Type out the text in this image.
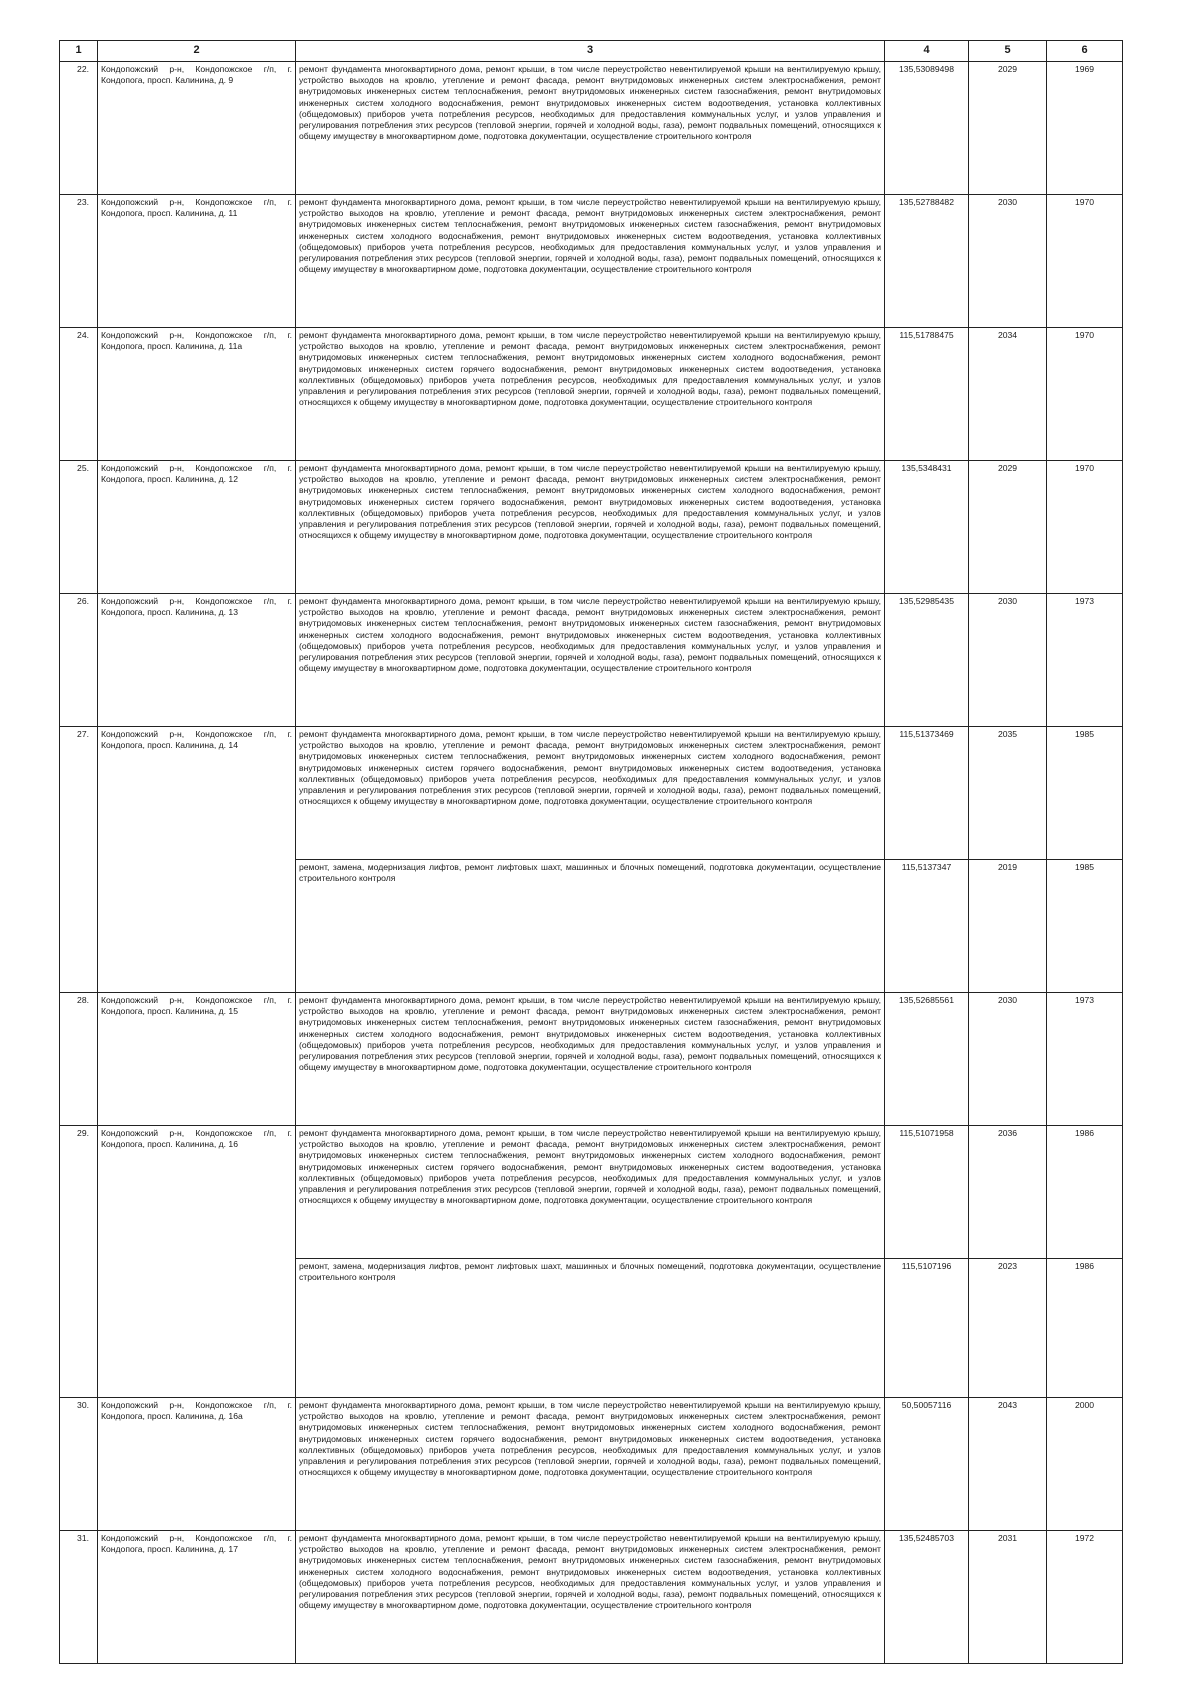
1	2	3	4	5	6
22.	Кондопожский р-н, Кондопожское г/п, г. Кондопога, просп. Калинина, д. 9	ремонт фундамента многоквартирного дома, ремонт крыши, в том числе переустройство невентилируемой крыши на вентилируемую крышу, устройство выходов на кровлю, утепление и ремонт фасада, ремонт внутридомовых инженерных систем электроснабжения, ремонт внутридомовых инженерных систем теплоснабжения, ремонт внутридомовых инженерных систем газоснабжения, ремонт внутридомовых инженерных систем холодного водоснабжения, ремонт внутридомовых инженерных систем водоотведения, установка коллективных (общедомовых) приборов учета потребления ресурсов, необходимых для предоставления коммунальных услуг, и узлов управления и регулирования потребления этих ресурсов (тепловой энергии, горячей и холодной воды, газа), ремонт подвальных помещений, относящихся к общему имуществу в многоквартирном доме, подготовка документации, осуществление строительного контроля	135,53089498	2029	1969
23.	Кондопожский р-н, Кондопожское г/п, г. Кондопога, просп. Калинина, д. 11	ремонт фундамента многоквартирного дома, ремонт крыши, в том числе переустройство невентилируемой крыши на вентилируемую крышу, устройство выходов на кровлю, утепление и ремонт фасада, ремонт внутридомовых инженерных систем электроснабжения, ремонт внутридомовых инженерных систем теплоснабжения, ремонт внутридомовых инженерных систем газоснабжения, ремонт внутридомовых инженерных систем холодного водоснабжения, ремонт внутридомовых инженерных систем водоотведения, установка коллективных (общедомовых) приборов учета потребления ресурсов, необходимых для предоставления коммунальных услуг, и узлов управления и регулирования потребления этих ресурсов (тепловой энергии, горячей и холодной воды, газа), ремонт подвальных помещений, относящихся к общему имуществу в многоквартирном доме, подготовка документации, осуществление строительного контроля	135,52788482	2030	1970
24.	Кондопожский р-н, Кондопожское г/п, г. Кондопога, просп. Калинина, д. 11а	ремонт фундамента многоквартирного дома, ремонт крыши, в том числе переустройство невентилируемой крыши на вентилируемую крышу, устройство выходов на кровлю, утепление и ремонт фасада, ремонт внутридомовых инженерных систем электроснабжения, ремонт внутридомовых инженерных систем теплоснабжения, ремонт внутридомовых инженерных систем холодного водоснабжения, ремонт внутридомовых инженерных систем горячего водоснабжения, ремонт внутридомовых инженерных систем водоотведения, установка коллективных (общедомовых) приборов учета потребления ресурсов, необходимых для предоставления коммунальных услуг, и узлов управления и регулирования потребления этих ресурсов (тепловой энергии, горячей и холодной воды, газа), ремонт подвальных помещений, относящихся к общему имуществу в многоквартирном доме, подготовка документации, осуществление строительного контроля	115,51788475	2034	1970
25.	Кондопожский р-н, Кондопожское г/п, г. Кондопога, просп. Калинина, д. 12	ремонт фундамента многоквартирного дома, ремонт крыши, в том числе переустройство невентилируемой крыши на вентилируемую крышу, устройство выходов на кровлю, утепление и ремонт фасада, ремонт внутридомовых инженерных систем электроснабжения, ремонт внутридомовых инженерных систем теплоснабжения, ремонт внутридомовых инженерных систем холодного водоснабжения, ремонт внутридомовых инженерных систем горячего водоснабжения, ремонт внутридомовых инженерных систем водоотведения, установка коллективных (общедомовых) приборов учета потребления ресурсов, необходимых для предоставления коммунальных услуг, и узлов управления и регулирования потребления этих ресурсов (тепловой энергии, горячей и холодной воды, газа), ремонт подвальных помещений, относящихся к общему имуществу в многоквартирном доме, подготовка документации, осуществление строительного контроля	135,5348431	2029	1970
26.	Кондопожский р-н, Кондопожское г/п, г. Кондопога, просп. Калинина, д. 13	ремонт фундамента многоквартирного дома, ремонт крыши, в том числе переустройство невентилируемой крыши на вентилируемую крышу, устройство выходов на кровлю, утепление и ремонт фасада, ремонт внутридомовых инженерных систем электроснабжения, ремонт внутридомовых инженерных систем теплоснабжения, ремонт внутридомовых инженерных систем газоснабжения, ремонт внутридомовых инженерных систем холодного водоснабжения, ремонт внутридомовых инженерных систем водоотведения, установка коллективных (общедомовых) приборов учета потребления ресурсов, необходимых для предоставления коммунальных услуг, и узлов управления и регулирования потребления этих ресурсов (тепловой энергии, горячей и холодной воды, газа), ремонт подвальных помещений, относящихся к общему имуществу в многоквартирном доме, подготовка документации, осуществление строительного контроля	135,52985435	2030	1973
27.	Кондопожский р-н, Кондопожское г/п, г. Кондопога, просп. Калинина, д. 14	ремонт фундамента многоквартирного дома, ремонт крыши, в том числе переустройство невентилируемой крыши на вентилируемую крышу, устройство выходов на кровлю, утепление и ремонт фасада, ремонт внутридомовых инженерных систем электроснабжения, ремонт внутридомовых инженерных систем теплоснабжения, ремонт внутридомовых инженерных систем холодного водоснабжения, ремонт внутридомовых инженерных систем горячего водоснабжения, ремонт внутридомовых инженерных систем водоотведения, установка коллективных (общедомовых) приборов учета потребления ресурсов, необходимых для предоставления коммунальных услуг, и узлов управления и регулирования потребления этих ресурсов (тепловой энергии, горячей и холодной воды, газа), ремонт подвальных помещений, относящихся к общему имуществу в многоквартирном доме, подготовка документации, осуществление строительного контроля	115,51373469	2035	1985
		ремонт, замена, модернизация лифтов, ремонт лифтовых шахт, машинных и блочных помещений, подготовка документации, осуществление строительного контроля	115,5137347	2019	1985
28.	Кондопожский р-н, Кондопожское г/п, г. Кондопога, просп. Калинина, д. 15	ремонт фундамента многоквартирного дома, ремонт крыши, в том числе переустройство невентилируемой крыши на вентилируемую крышу, устройство выходов на кровлю, утепление и ремонт фасада, ремонт внутридомовых инженерных систем электроснабжения, ремонт внутридомовых инженерных систем теплоснабжения, ремонт внутридомовых инженерных систем газоснабжения, ремонт внутридомовых инженерных систем холодного водоснабжения, ремонт внутридомовых инженерных систем водоотведения, установка коллективных (общедомовых) приборов учета потребления ресурсов, необходимых для предоставления коммунальных услуг, и узлов управления и регулирования потребления этих ресурсов (тепловой энергии, горячей и холодной воды, газа), ремонт подвальных помещений, относящихся к общему имуществу в многоквартирном доме, подготовка документации, осуществление строительного контроля	135,52685561	2030	1973
29.	Кондопожский р-н, Кондопожское г/п, г. Кондопога, просп. Калинина, д. 16	ремонт фундамента многоквартирного дома, ремонт крыши, в том числе переустройство невентилируемой крыши на вентилируемую крышу, устройство выходов на кровлю, утепление и ремонт фасада, ремонт внутридомовых инженерных систем электроснабжения, ремонт внутридомовых инженерных систем теплоснабжения, ремонт внутридомовых инженерных систем холодного водоснабжения, ремонт внутридомовых инженерных систем горячего водоснабжения, ремонт внутридомовых инженерных систем водоотведения, установка коллективных (общедомовых) приборов учета потребления ресурсов, необходимых для предоставления коммунальных услуг, и узлов управления и регулирования потребления этих ресурсов (тепловой энергии, горячей и холодной воды, газа), ремонт подвальных помещений, относящихся к общему имуществу в многоквартирном доме, подготовка документации, осуществление строительного контроля	115,51071958	2036	1986
		ремонт, замена, модернизация лифтов, ремонт лифтовых шахт, машинных и блочных помещений, подготовка документации, осуществление строительного контроля	115,5107196	2023	1986
30.	Кондопожский р-н, Кондопожское г/п, г. Кондопога, просп. Калинина, д. 16а	ремонт фундамента многоквартирного дома, ремонт крыши, в том числе переустройство невентилируемой крыши на вентилируемую крышу, устройство выходов на кровлю, утепление и ремонт фасада, ремонт внутридомовых инженерных систем электроснабжения, ремонт внутридомовых инженерных систем теплоснабжения, ремонт внутридомовых инженерных систем холодного водоснабжения, ремонт внутридомовых инженерных систем горячего водоснабжения, ремонт внутридомовых инженерных систем водоотведения, установка коллективных (общедомовых) приборов учета потребления ресурсов, необходимых для предоставления коммунальных услуг, и узлов управления и регулирования потребления этих ресурсов (тепловой энергии, горячей и холодной воды, газа), ремонт подвальных помещений, относящихся к общему имуществу в многоквартирном доме, подготовка документации, осуществление строительного контроля	50,50057116	2043	2000
31.	Кондопожский р-н, Кондопожское г/п, г. Кондопога, просп. Калинина, д. 17	ремонт фундамента многоквартирного дома, ремонт крыши, в том числе переустройство невентилируемой крыши на вентилируемую крышу, устройство выходов на кровлю, утепление и ремонт фасада, ремонт внутридомовых инженерных систем электроснабжения, ремонт внутридомовых инженерных систем теплоснабжения, ремонт внутридомовых инженерных систем газоснабжения, ремонт внутридомовых инженерных систем холодного водоснабжения, ремонт внутридомовых инженерных систем водоотведения, установка коллективных (общедомовых) приборов учета потребления ресурсов, необходимых для предоставления коммунальных услуг, и узлов управления и регулирования потребления этих ресурсов (тепловой энергии, горячей и холодной воды, газа), ремонт подвальных помещений, относящихся к общему имуществу в многоквартирном доме, подготовка документации, осуществление строительного контроля	135,52485703	2031	1972
